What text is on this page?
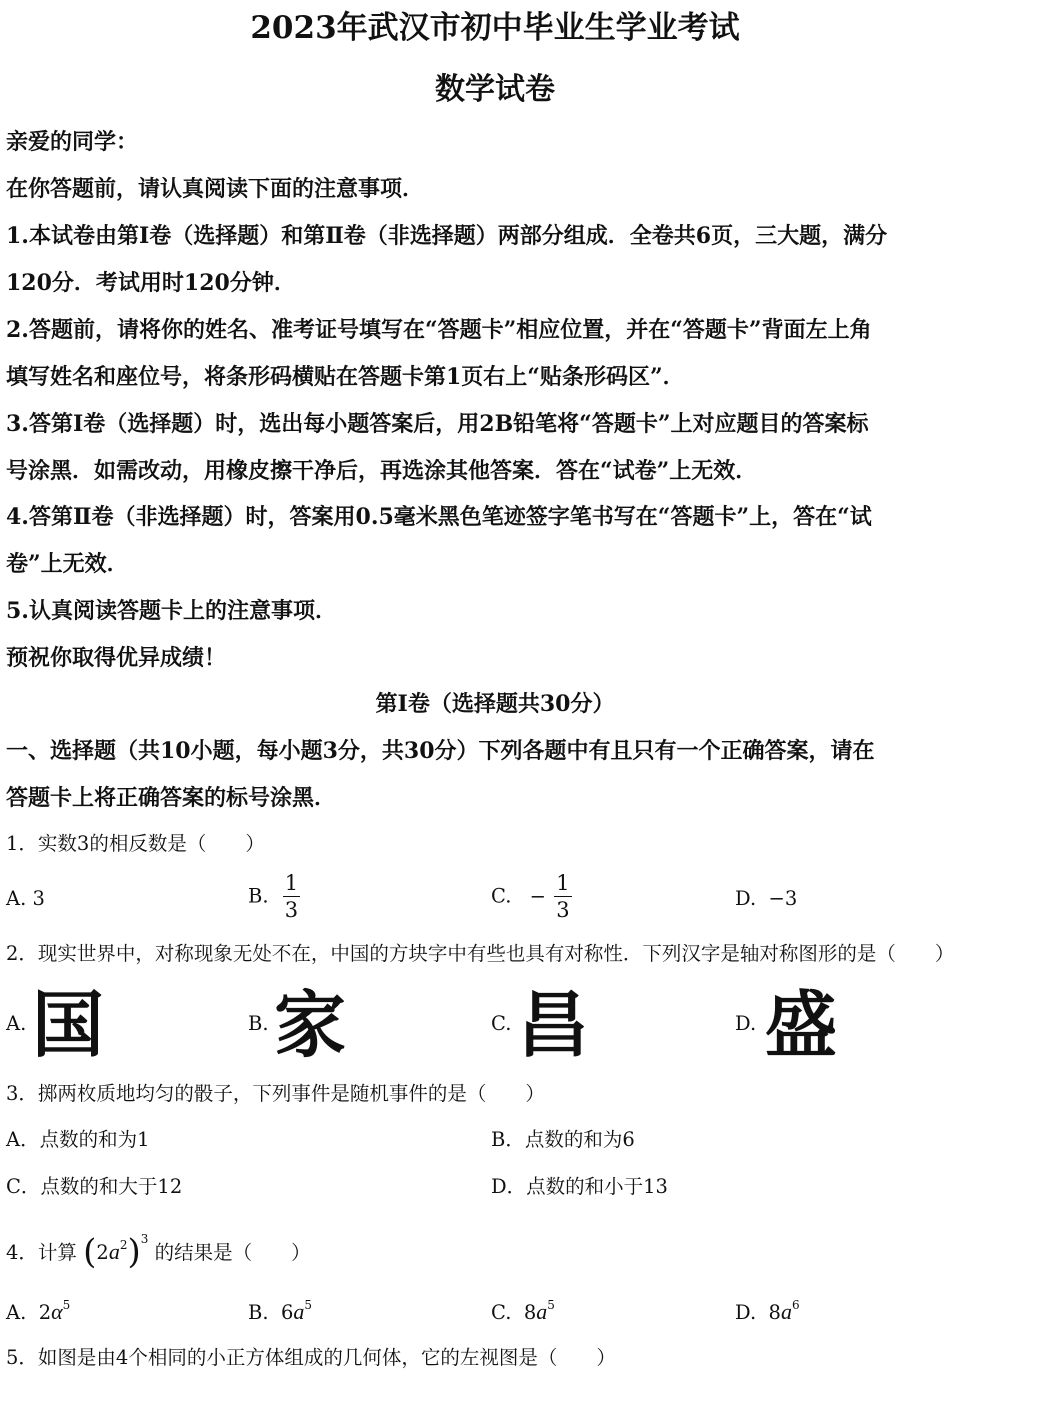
2023年武汉市初中毕业生学业考试
数学试卷
亲爱的同学：
在你答题前，请认真阅读下面的注意事项．
1.本试卷由第Ⅰ卷（选择题）和第Ⅱ卷（非选择题）两部分组成．全卷共6页，三大题，满分
120分．考试用时120分钟．
2.答题前，请将你的姓名、准考证号填写在“答题卡”相应位置，并在“答题卡”背面左上角
填写姓名和座位号，将条形码横贴在答题卡第1页右上“贴条形码区”．
3.答第Ⅰ卷（选择题）时，选出每小题答案后，用2B铅笔将“答题卡”上对应题目的答案标
号涂黑．如需改动，用橡皮擦干净后，再选涂其他答案．答在“试卷”上无效．
4.答第Ⅱ卷（非选择题）时，答案用0.5毫米黑色笔迹签字笔书写在“答题卡”上，答在“试
卷”上无效．
5.认真阅读答题卡上的注意事项．
预祝你取得优异成绩！
第Ⅰ卷（选择题共30分）
一、选择题（共10小题，每小题3分，共30分）下列各题中有且只有一个正确答案，请在
答题卡上将正确答案的标号涂黑．
1．实数3的相反数是（　　）
A. 3	B. $\frac{1}{3}$	C. − $\frac{1}{3}$	D. −3
2．现实世界中，对称现象无处不在，中国的方块字中有些也具有对称性．下列汉字是轴对称图形的是（　　）
A. 国	B. 家	C. 昌	D. 盛
3．掷两枚质地均匀的骰子，下列事件是随机事件的是（　　）
A．点数的和为1	B．点数的和为6
C．点数的和大于12	D．点数的和小于13
4．计算 $(2a^2)^3$ 的结果是（　　）
A. $2\alpha^5$	B. $6a^5$	C. $8a^5$	D. $8a^6$
5．如图是由4个相同的小正方体组成的几何体，它的左视图是（　　）
